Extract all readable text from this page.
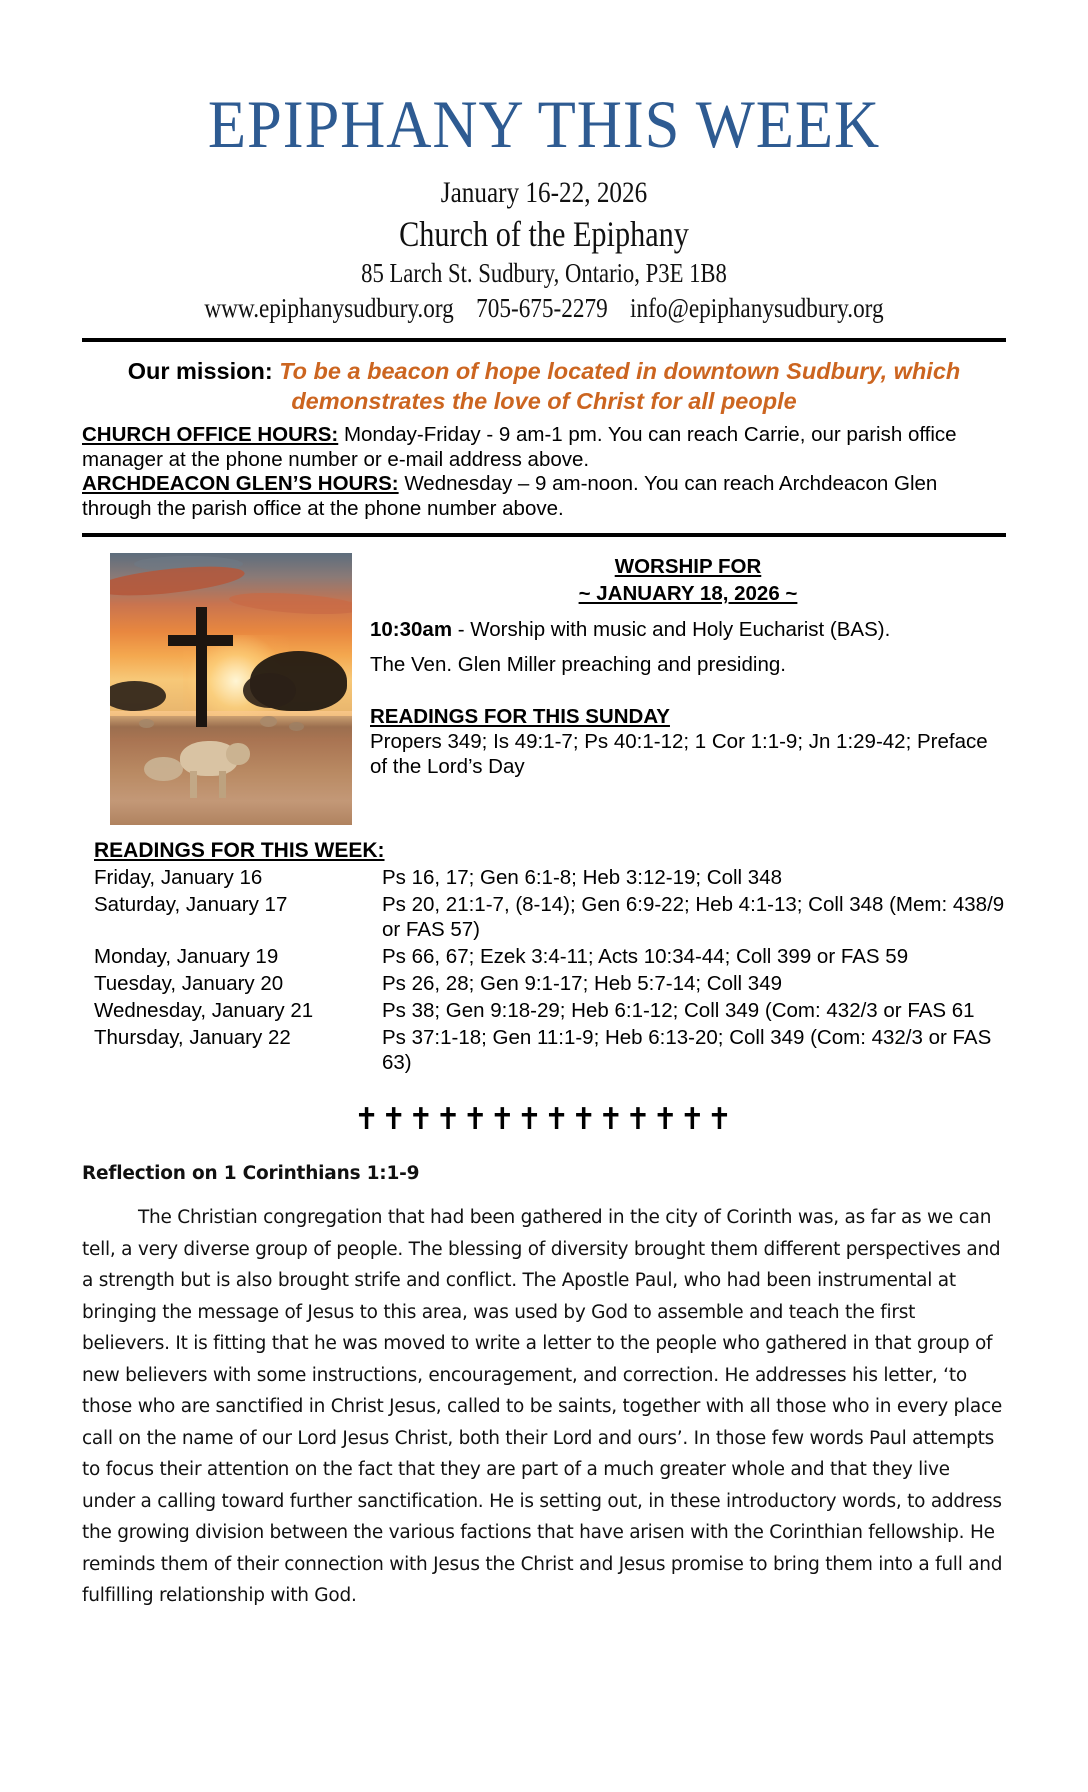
EPIPHANY THIS WEEK
January 16-22, 2026
Church of the Epiphany
85 Larch St. Sudbury, Ontario, P3E 1B8
www.epiphanysudbury.org 705-675-2279 info@epiphanysudbury.org
Our mission: To be a beacon of hope located in downtown Sudbury, which demonstrates the love of Christ for all people

CHURCH OFFICE HOURS: Monday-Friday - 9 am-1 pm. You can reach Carrie, our parish office manager at the phone number or e-mail address above.

ARCHDEACON GLEN’S HOURS: Wednesday – 9 am-noon. You can reach Archdeacon Glen through the parish office at the phone number above.

WORSHIP FOR
~ JANUARY 18, 2026 ~

10:30am - Worship with music and Holy Eucharist (BAS).

The Ven. Glen Miller preaching and presiding.

READINGS FOR THIS SUNDAY

Propers 349; Is 49:1-7; Ps 40:1-12; 1 Cor 1:1-9; Jn 1:29-42; Preface of the Lord’s Day

READINGS FOR THIS WEEK:
Friday, January 16	Ps 16, 17; Gen 6:1-8; Heb 3:12-19; Coll 348
Saturday, January 17	Ps 20, 21:1-7, (8-14); Gen 6:9-22; Heb 4:1-13; Coll 348 (Mem: 438/9 or FAS 57)
Monday, January 19	Ps 66, 67; Ezek 3:4-11; Acts 10:34-44; Coll 399 or FAS 59
Tuesday, January 20	Ps 26, 28; Gen 9:1-17; Heb 5:7-14; Coll 349
Wednesday, January 21	Ps 38; Gen 9:18-29; Heb 6:1-12; Coll 349 (Com: 432/3 or FAS 61
Thursday, January 22	Ps 37:1-18; Gen 11:1-9; Heb 6:13-20; Coll 349 (Com: 432/3 or FAS 63)
✝✝✝✝✝✝✝✝✝✝✝✝✝✝
Reflection on 1 Corinthians 1:1-9

The Christian congregation that had been gathered in the city of Corinth was, as far as we can tell, a very diverse group of people. The blessing of diversity brought them different perspectives and a strength but is also brought strife and conflict. The Apostle Paul, who had been instrumental at bringing the message of Jesus to this area, was used by God to assemble and teach the first believers. It is fitting that he was moved to write a letter to the people who gathered in that group of new believers with some instructions, encouragement, and correction. He addresses his letter, ‘to those who are sanctified in Christ Jesus, called to be saints, together with all those who in every place call on the name of our Lord Jesus Christ, both their Lord and ours’. In those few words Paul attempts to focus their attention on the fact that they are part of a much greater whole and that they live under a calling toward further sanctification. He is setting out, in these introductory words, to address the growing division between the various factions that have arisen with the Corinthian fellowship. He reminds them of their connection with Jesus the Christ and Jesus promise to bring them into a full and fulfilling relationship with God.
